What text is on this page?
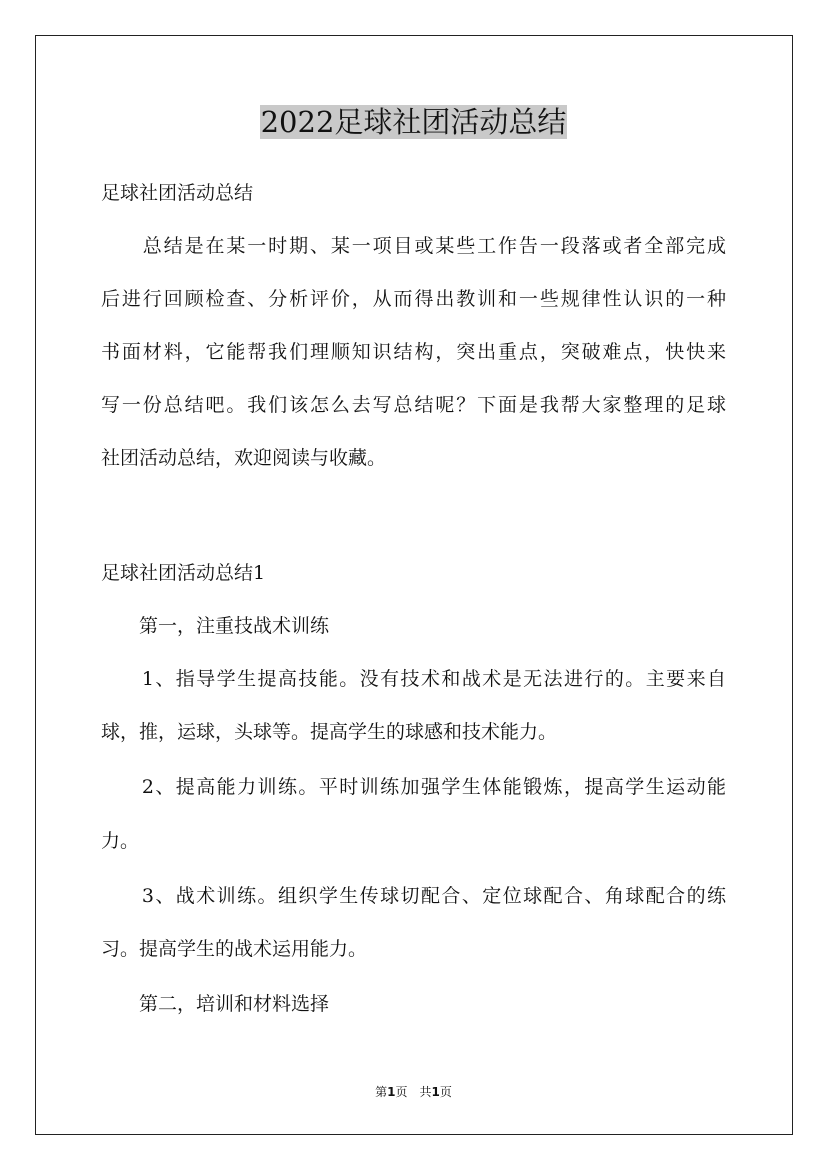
2022足球社团活动总结

足球社团活动总结

　　总结是在某一时期、某一项目或某些工作告一段落或者全部完成

后进行回顾检查、分析评价，从而得出教训和一些规律性认识的一种

书面材料，它能帮我们理顺知识结构，突出重点，突破难点，快快来

写一份总结吧。我们该怎么去写总结呢？下面是我帮大家整理的足球

社团活动总结，欢迎阅读与收藏。

足球社团活动总结1

　　第一，注重技战术训练

　　1、指导学生提高技能。没有技术和战术是无法进行的。主要来自

球，推，运球，头球等。提高学生的球感和技术能力。

　　2、提高能力训练。平时训练加强学生体能锻炼，提高学生运动能

力。

　　3、战术训练。组织学生传球切配合、定位球配合、角球配合的练

习。提高学生的战术运用能力。

　　第二，培训和材料选择

第1页　共1页
